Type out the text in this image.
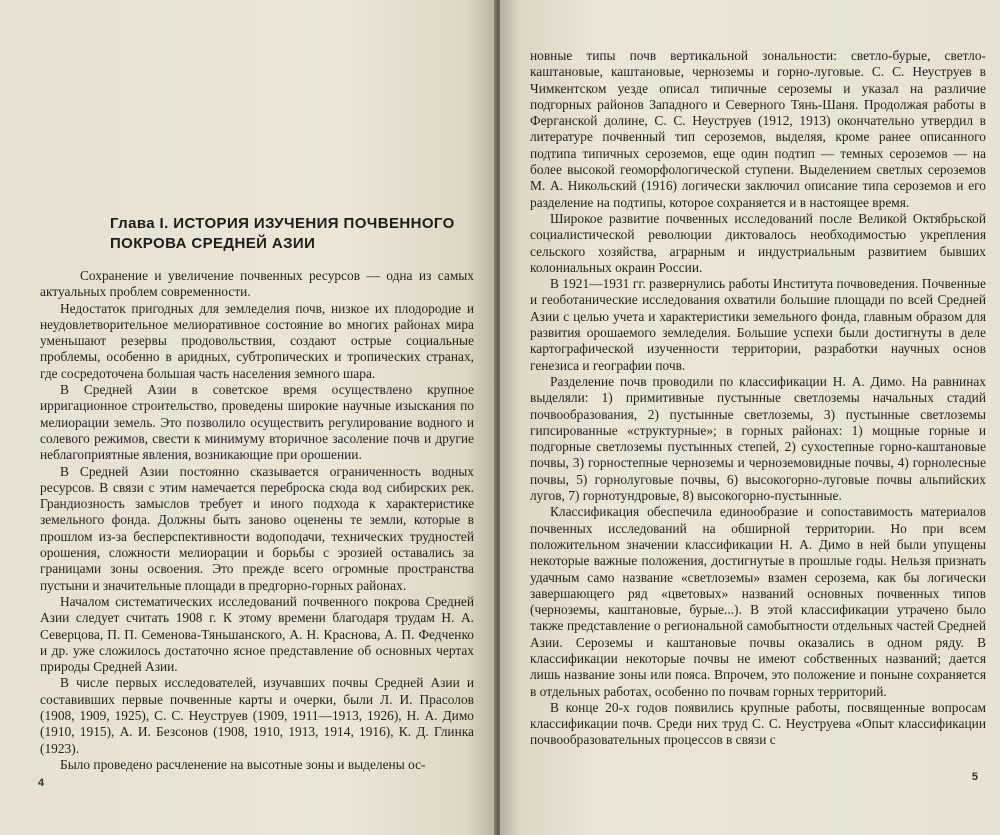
Глава I. ИСТОРИЯ ИЗУЧЕНИЯ ПОЧВЕННОГО
ПОКРОВА СРЕДНЕЙ АЗИИ

Сохранение и увеличение почвенных ресурсов — одна из самых актуальных проблем современности.

Недостаток пригодных для земледелия почв, низкое их плодородие и неудовлетворительное мелиоративное состояние во многих районах мира уменьшают резервы продовольствия, создают острые социальные проблемы, особенно в аридных, субтропических и тропических странах, где сосредоточена большая часть населения земного шара.

В Средней Азии в советское время осуществлено крупное ирригационное строительство, проведены широкие научные изыскания по мелиорации земель. Это позволило осуществить регулирование водного и солевого режимов, свести к минимуму вторичное засоление почв и другие неблагоприятные явления, возникающие при орошении.

В Средней Азии постоянно сказывается ограниченность водных ресурсов. В связи с этим намечается переброска сюда вод сибирских рек. Грандиозность замыслов требует и иного подхода к характеристике земельного фонда. Должны быть заново оценены те земли, которые в прошлом из-за бесперспективности водоподачи, технических трудностей орошения, сложности мелиорации и борьбы с эрозией оставались за границами зоны освоения. Это прежде всего огромные пространства пустыни и значительные площади в предгорно-горных районах.

Началом систематических исследований почвенного покрова Средней Азии следует считать 1908 г. К этому времени благодаря трудам Н. А. Северцова, П. П. Семенова-Тяньшанского, А. Н. Краснова, А. П. Федченко и др. уже сложилось достаточно ясное представление об основных чертах природы Средней Азии.

В числе первых исследователей, изучавших почвы Средней Азии и составивших первые почвенные карты и очерки, были Л. И. Прасолов (1908, 1909, 1925), С. С. Неуструев (1909, 1911—1913, 1926), Н. А. Димо (1910, 1915), А. И. Безсонов (1908, 1910, 1913, 1914, 1916), К. Д. Глинка (1923).

Было проведено расчленение на высотные зоны и выделены ос-

4

новные типы почв вертикальной зональности: светло-бурые, светло-каштановые, каштановые, черноземы и горно-луговые. С. С. Неуструев в Чимкентском уезде описал типичные сероземы и указал на различие подгорных районов Западного и Северного Тянь-Шаня. Продолжая работы в Ферганской долине, С. С. Неуструев (1912, 1913) окончательно утвердил в литературе почвенный тип сероземов, выделяя, кроме ранее описанного подтипа типичных сероземов, еще один подтип — темных сероземов — на более высокой геоморфологической ступени. Выделением светлых сероземов М. А. Никольский (1916) логически заключил описание типа сероземов и его разделение на подтипы, которое сохраняется и в настоящее время.

Широкое развитие почвенных исследований после Великой Октябрьской социалистической революции диктовалось необходимостью укрепления сельского хозяйства, аграрным и индустриальным развитием бывших колониальных окраин России.

В 1921—1931 гг. развернулись работы Института почвоведения. Почвенные и геоботанические исследования охватили большие площади по всей Средней Азии с целью учета и характеристики земельного фонда, главным образом для развития орошаемого земледелия. Большие успехи были достигнуты в деле картографической изученности территории, разработки научных основ генезиса и географии почв.

Разделение почв проводили по классификации Н. А. Димо. На равнинах выделяли: 1) примитивные пустынные светлоземы начальных стадий почвообразования, 2) пустынные светлоземы, 3) пустынные светлоземы гипсированные «структурные»; в горных районах: 1) мощные горные и подгорные светлоземы пустынных степей, 2) сухостепные горно-каштановые почвы, 3) горностепные черноземы и черноземовидные почвы, 4) горнолесные почвы, 5) горнолуговые почвы, 6) высокогорно-луговые почвы альпийских лугов, 7) горнотундровые, 8) высокогорно-пустынные.

Классификация обеспечила единообразие и сопоставимость материалов почвенных исследований на обширной территории. Но при всем положительном значении классификации Н. А. Димо в ней были упущены некоторые важные положения, достигнутые в прошлые годы. Нельзя признать удачным само название «светлоземы» взамен серозема, как бы логически завершающего ряд «цветовых» названий основных почвенных типов (черноземы, каштановые, бурые...). В этой классификации утрачено было также представление о региональной самобытности отдельных частей Средней Азии. Сероземы и каштановые почвы оказались в одном ряду. В классификации некоторые почвы не имеют собственных названий; дается лишь название зоны или пояса. Впрочем, это положение и поныне сохраняется в отдельных работах, особенно по почвам горных территорий.

В конце 20-х годов появились крупные работы, посвященные вопросам классификации почв. Среди них труд С. С. Неуструева «Опыт классификации почвообразовательных процессов в связи с

5
